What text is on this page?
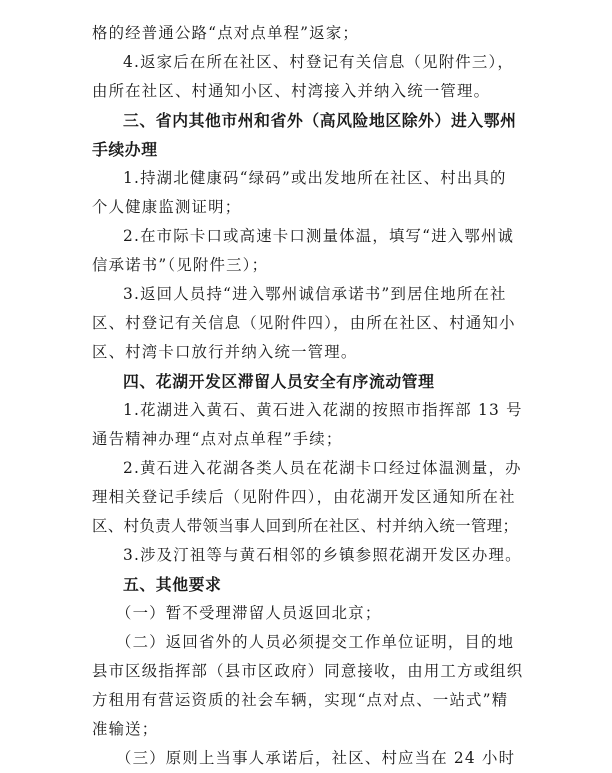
格的经普通公路“点对点单程”返家；
4.返家后在所在社区、村登记有关信息（见附件三），
由所在社区、村通知小区、村湾接入并纳入统一管理。
三、省内其他市州和省外（高风险地区除外）进入鄂州
手续办理
1.持湖北健康码“绿码”或出发地所在社区、村出具的
个人健康监测证明；
2.在市际卡口或高速卡口测量体温，填写“进入鄂州诚
信承诺书”（见附件三）；
3.返回人员持“进入鄂州诚信承诺书”到居住地所在社
区、村登记有关信息（见附件四），由所在社区、村通知小
区、村湾卡口放行并纳入统一管理。
四、花湖开发区滞留人员安全有序流动管理
1.花湖进入黄石、黄石进入花湖的按照市指挥部 13 号
通告精神办理“点对点单程”手续；
2.黄石进入花湖各类人员在花湖卡口经过体温测量，办
理相关登记手续后（见附件四），由花湖开发区通知所在社
区、村负责人带领当事人回到所在社区、村并纳入统一管理；
3.涉及汀祖等与黄石相邻的乡镇参照花湖开发区办理。
五、其他要求
（一）暂不受理滞留人员返回北京；
（二）返回省外的人员必须提交工作单位证明，目的地
县市区级指挥部（县市区政府）同意接收，由用工方或组织
方租用有营运资质的社会车辆，实现“点对点、一站式”精
准输送；
（三）原则上当事人承诺后，社区、村应当在 24 小时
